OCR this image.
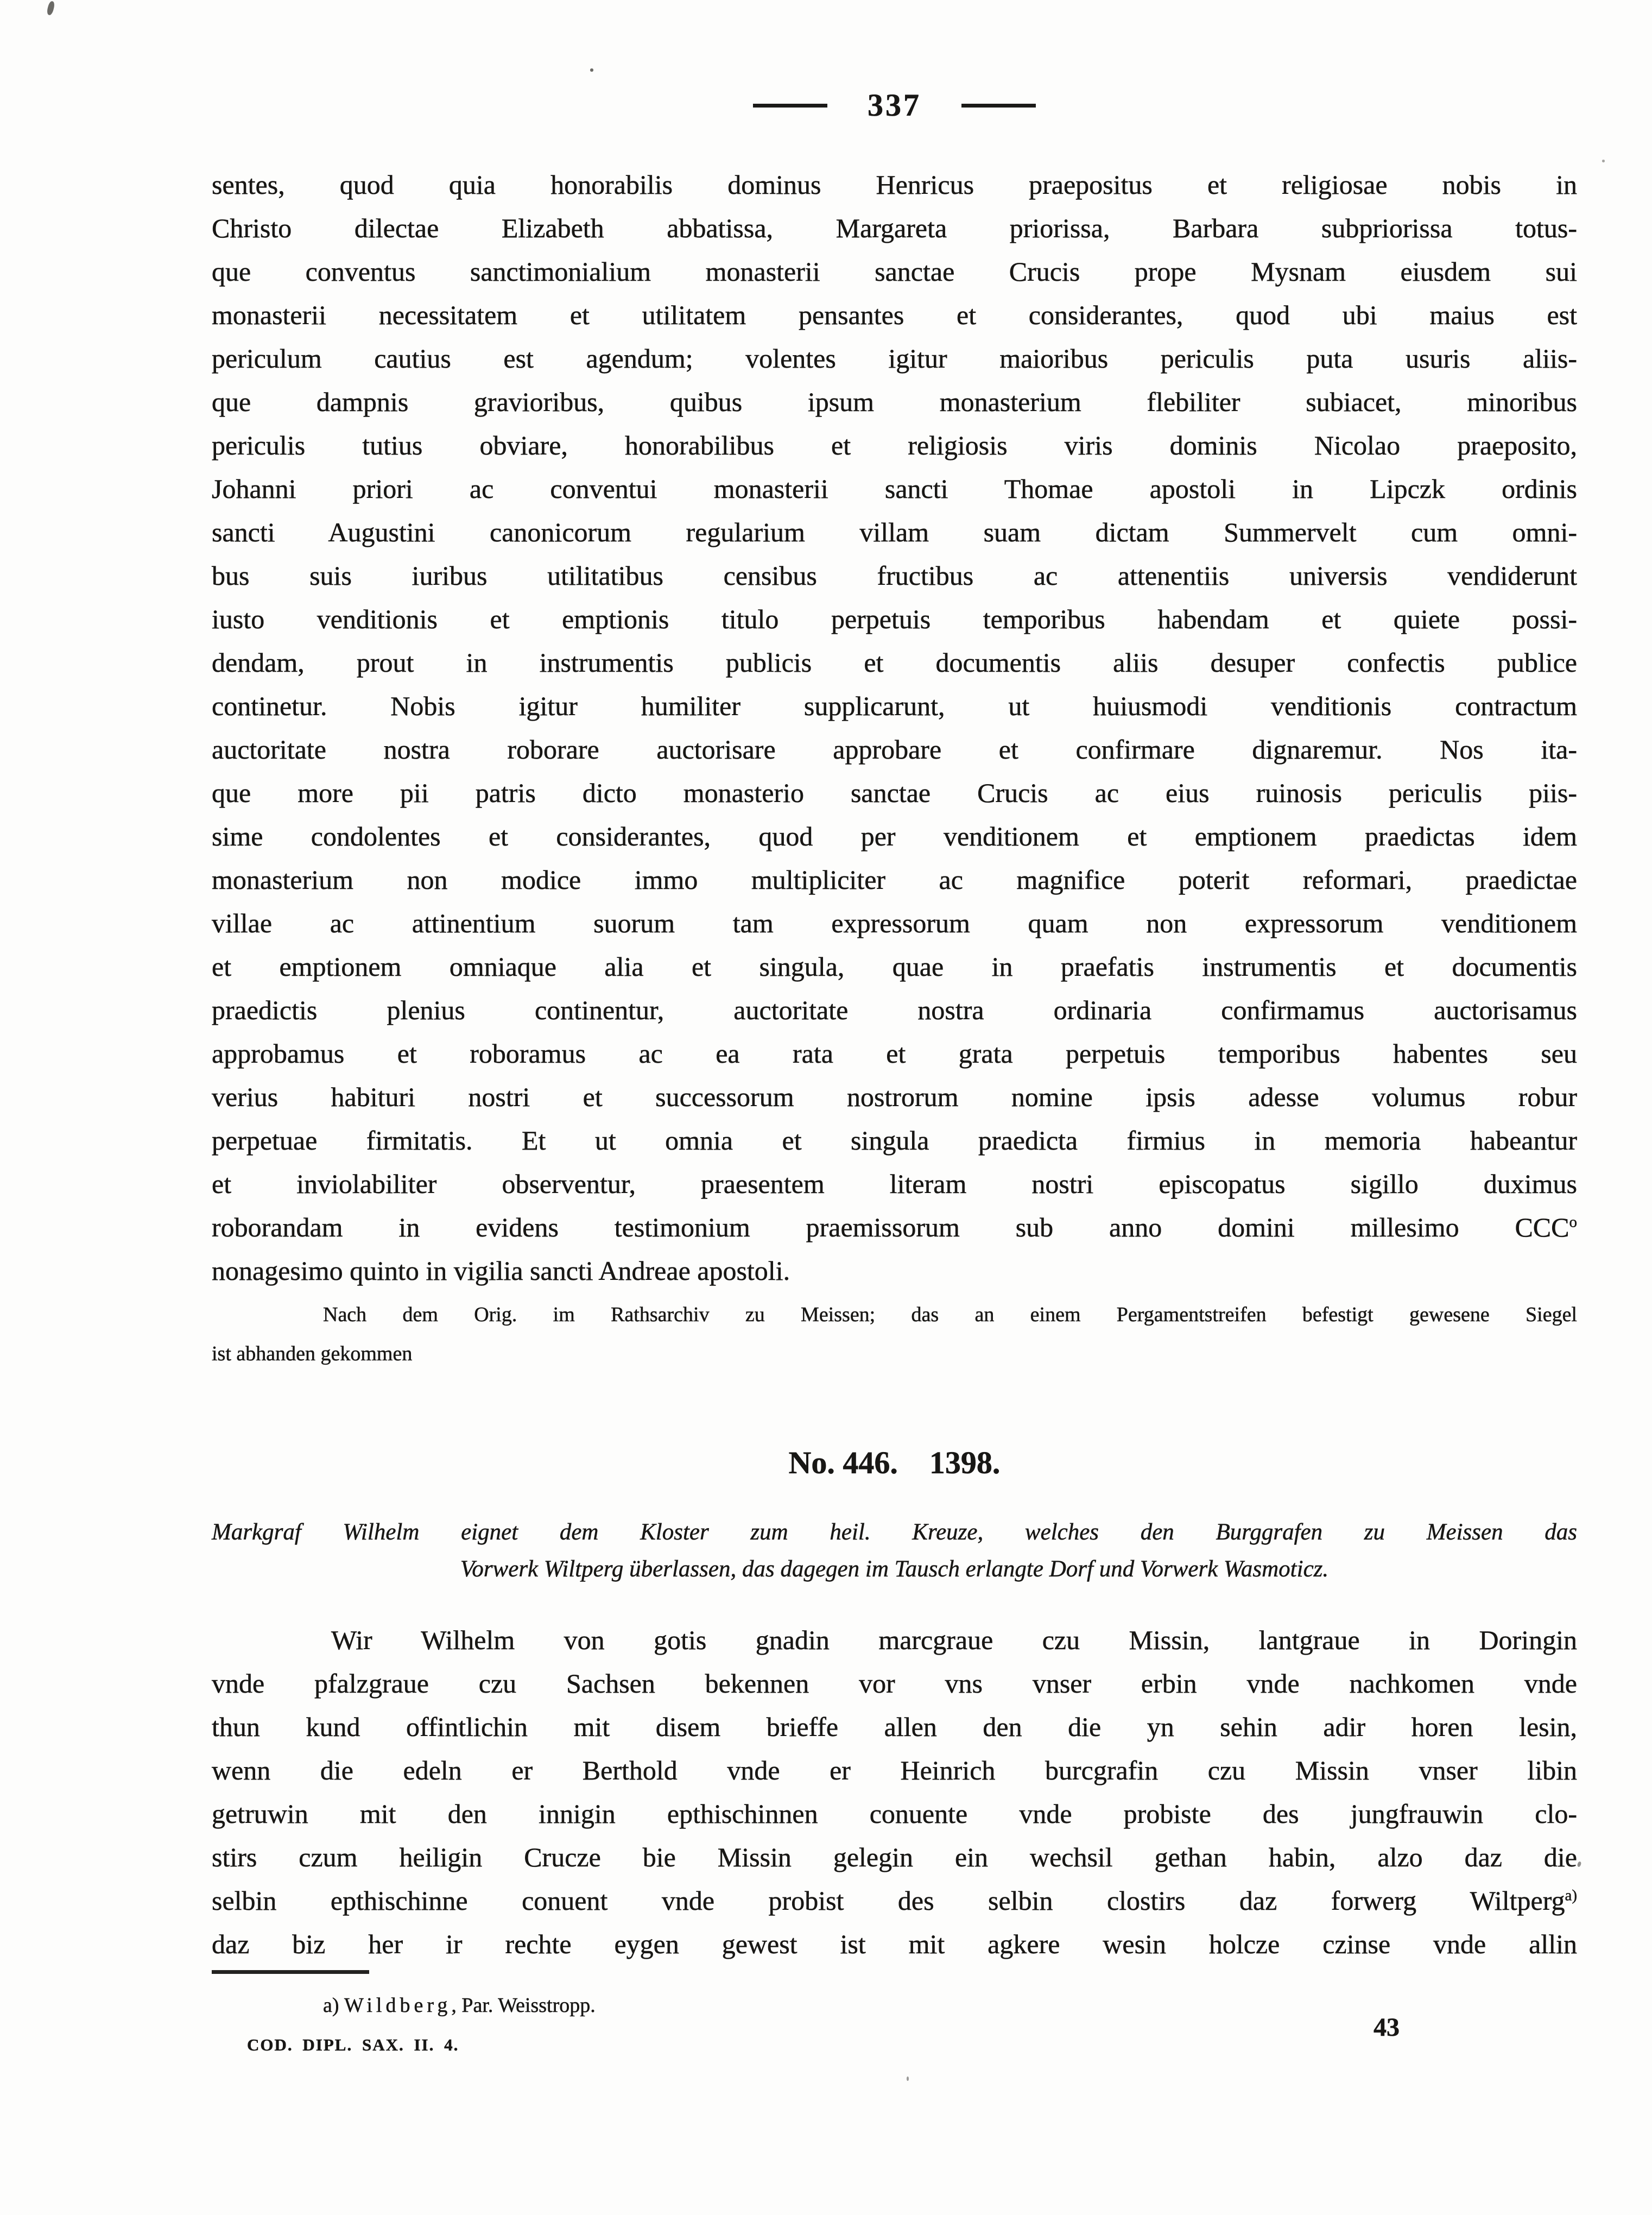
337
sentes, quod quia honorabilis dominus Henricus praepositus et religiosae nobis in
Christo dilectae Elizabeth abbatissa, Margareta priorissa, Barbara subpriorissa totus-
que conventus sanctimonialium monasterii sanctae Crucis prope Mysnam eiusdem sui
monasterii necessitatem et utilitatem pensantes et considerantes, quod ubi maius est
periculum cautius est agendum; volentes igitur maioribus periculis puta usuris aliis-
que dampnis gravioribus, quibus ipsum monasterium flebiliter subiacet, minoribus
periculis tutius obviare, honorabilibus et religiosis viris dominis Nicolao praeposito,
Johanni priori ac conventui monasterii sancti Thomae apostoli in Lipczk ordinis
sancti Augustini canonicorum regularium villam suam dictam Summervelt cum omni-
bus suis iuribus utilitatibus censibus fructibus ac attenentiis universis vendiderunt
iusto venditionis et emptionis titulo perpetuis temporibus habendam et quiete possi-
dendam, prout in instrumentis publicis et documentis aliis desuper confectis publice
continetur. Nobis igitur humiliter supplicarunt, ut huiusmodi venditionis contractum
auctoritate nostra roborare auctorisare approbare et confirmare dignaremur. Nos ita-
que more pii patris dicto monasterio sanctae Crucis ac eius ruinosis periculis piis-
sime condolentes et considerantes, quod per venditionem et emptionem praedictas idem
monasterium non modice immo multipliciter ac magnifice poterit reformari, praedictae
villae ac attinentium suorum tam expressorum quam non expressorum venditionem
et emptionem omniaque alia et singula, quae in praefatis instrumentis et documentis
praedictis plenius continentur, auctoritate nostra ordinaria confirmamus auctorisamus
approbamus et roboramus ac ea rata et grata perpetuis temporibus habentes seu
verius habituri nostri et successorum nostrorum nomine ipsis adesse volumus robur
perpetuae firmitatis. Et ut omnia et singula praedicta firmius in memoria habeantur
et inviolabiliter observentur, praesentem literam nostri episcopatus sigillo duximus
roborandam in evidens testimonium praemissorum sub anno domini millesimo CCC$^o$
nonagesimo quinto in vigilia sancti Andreae apostoli.
Nach dem Orig. im Rathsarchiv zu Meissen; das an einem Pergamentstreifen befestigt gewesene Siegel
ist abhanden gekommen
No. 446. 1398.
Markgraf Wilhelm eignet dem Kloster zum heil. Kreuze, welches den Burggrafen zu Meissen das
Vorwerk Wiltperg überlassen, das dagegen im Tausch erlangte Dorf und Vorwerk Wasmoticz.
Wir Wilhelm von gotis gnadin marcgraue czu Missin, lantgraue in Doringin
vnde pfalzgraue czu Sachsen bekennen vor vns vnser erbin vnde nachkomen vnde
thun kund offintlichin mit disem brieffe allen den die yn sehin adir horen lesin,
wenn die edeln er Berthold vnde er Heinrich burcgrafin czu Missin vnser libin
getruwin mit den innigin epthischinnen conuente vnde probiste des jungfrauwin clo-
stirs czum heiligin Crucze bie Missin gelegin ein wechsil gethan habin, alzo daz die
selbin epthischinne conuent vnde probist des selbin clostirs daz forwerg Wiltperg$^{a)}$
daz biz her ir rechte eygen gewest ist mit agkere wesin holcze czinse vnde allin
a) Wildberg, Par. Weisstropp.
COD. DIPL. SAX. II. 4.
43
